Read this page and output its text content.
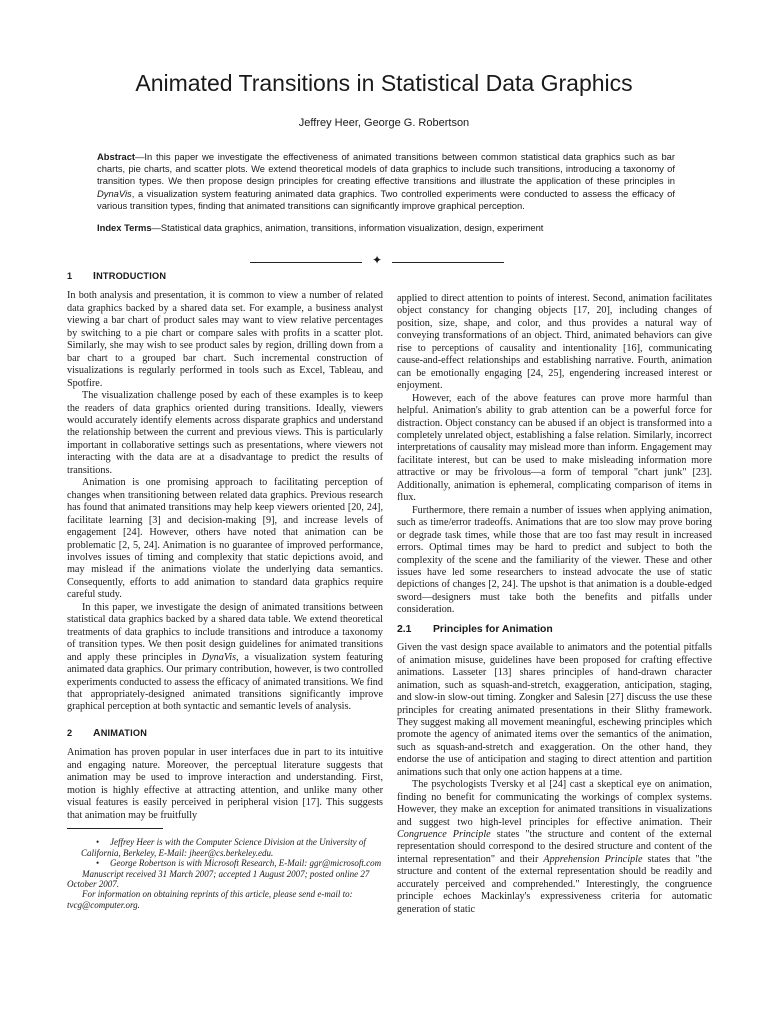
Animated Transitions in Statistical Data Graphics
Jeffrey Heer, George G. Robertson

Abstract—In this paper we investigate the effectiveness of animated transitions between common statistical data graphics such as bar charts, pie charts, and scatter plots. We extend theoretical models of data graphics to include such transitions, introducing a taxonomy of transition types. We then propose design principles for creating effective transitions and illustrate the application of these principles in DynaVis, a visualization system featuring animated data graphics. Two controlled experiments were conducted to assess the efficacy of various transition types, finding that animated transitions can significantly improve graphical perception.

Index Terms—Statistical data graphics, animation, transitions, information visualization, design, experiment

✦
1 INTRODUCTION

In both analysis and presentation, it is common to view a number of related data graphics backed by a shared data set. For example, a business analyst viewing a bar chart of product sales may want to view relative percentages by switching to a pie chart or compare sales with profits in a scatter plot. Similarly, she may wish to see product sales by region, drilling down from a bar chart to a grouped bar chart. Such incremental construction of visualizations is regularly performed in tools such as Excel, Tableau, and Spotfire.

The visualization challenge posed by each of these examples is to keep the readers of data graphics oriented during transitions. Ideally, viewers would accurately identify elements across disparate graphics and understand the relationship between the current and previous views. This is particularly important in collaborative settings such as presentations, where viewers not interacting with the data are at a disadvantage to predict the results of transitions.

Animation is one promising approach to facilitating perception of changes when transitioning between related data graphics. Previous research has found that animated transitions may help keep viewers oriented [20, 24], facilitate learning [3] and decision-making [9], and increase levels of engagement [24]. However, others have noted that animation can be problematic [2, 5, 24]. Animation is no guarantee of improved performance, involves issues of timing and complexity that static depictions avoid, and may mislead if the animations violate the underlying data semantics. Consequently, efforts to add animation to standard data graphics require careful study.

In this paper, we investigate the design of animated transitions between statistical data graphics backed by a shared data table. We extend theoretical treatments of data graphics to include transitions and introduce a taxonomy of transition types. We then posit design guidelines for animated transitions and apply these principles in DynaVis, a visualization system featuring animated data graphics. Our primary contribution, however, is two controlled experiments conducted to assess the efficacy of animated transitions. We find that appropriately-designed animated transitions significantly improve graphical perception at both syntactic and semantic levels of analysis.

2 ANIMATION

Animation has proven popular in user interfaces due in part to its intuitive and engaging nature. Moreover, the perceptual literature suggests that animation may be used to improve interaction and understanding. First, motion is highly effective at attracting attention, and unlike many other visual features is easily perceived in peripheral vision [17]. This suggests that animation may be fruitfully

• Jeffrey Heer is with the Computer Science Division at the University of California, Berkeley, E-Mail: jheer@cs.berkeley.edu.

• George Robertson is with Microsoft Research, E-Mail: ggr@microsoft.com

Manuscript received 31 March 2007; accepted 1 August 2007; posted online 27 October 2007.

For information on obtaining reprints of this article, please send e-mail to: tvcg@computer.org.

applied to direct attention to points of interest. Second, animation facilitates object constancy for changing objects [17, 20], including changes of position, size, shape, and color, and thus provides a natural way of conveying transformations of an object. Third, animated behaviors can give rise to perceptions of causality and intentionality [16], communicating cause-and-effect relationships and establishing narrative. Fourth, animation can be emotionally engaging [24, 25], engendering increased interest or enjoyment.

However, each of the above features can prove more harmful than helpful. Animation's ability to grab attention can be a powerful force for distraction. Object constancy can be abused if an object is transformed into a completely unrelated object, establishing a false relation. Similarly, incorrect interpretations of causality may mislead more than inform. Engagement may facilitate interest, but can be used to make misleading information more attractive or may be frivolous—a form of temporal "chart junk" [23]. Additionally, animation is ephemeral, complicating comparison of items in flux.

Furthermore, there remain a number of issues when applying animation, such as time/error tradeoffs. Animations that are too slow may prove boring or degrade task times, while those that are too fast may result in increased errors. Optimal times may be hard to predict and subject to both the complexity of the scene and the familiarity of the viewer. These and other issues have led some researchers to instead advocate the use of static depictions of changes [2, 24]. The upshot is that animation is a double-edged sword—designers must take both the benefits and pitfalls under consideration.

2.1 Principles for Animation

Given the vast design space available to animators and the potential pitfalls of animation misuse, guidelines have been proposed for crafting effective animations. Lasseter [13] shares principles of hand-drawn character animation, such as squash-and-stretch, exaggeration, anticipation, staging, and slow-in slow-out timing. Zongker and Salesin [27] discuss the use these principles for creating animated presentations in their Slithy framework. They suggest making all movement meaningful, eschewing principles which promote the agency of animated items over the semantics of the animation, such as squash-and-stretch and exaggeration. On the other hand, they endorse the use of anticipation and staging to direct attention and partition animations such that only one action happens at a time.

The psychologists Tversky et al [24] cast a skeptical eye on animation, finding no benefit for communicating the workings of complex systems. However, they make an exception for animated transitions in visualizations and suggest two high-level principles for effective animation. Their Congruence Principle states "the structure and content of the external representation should correspond to the desired structure and content of the internal representation" and their Apprehension Principle states that "the structure and content of the external representation should be readily and accurately perceived and comprehended." Interestingly, the congruence principle echoes Mackinlay's expressiveness criteria for automatic generation of static
